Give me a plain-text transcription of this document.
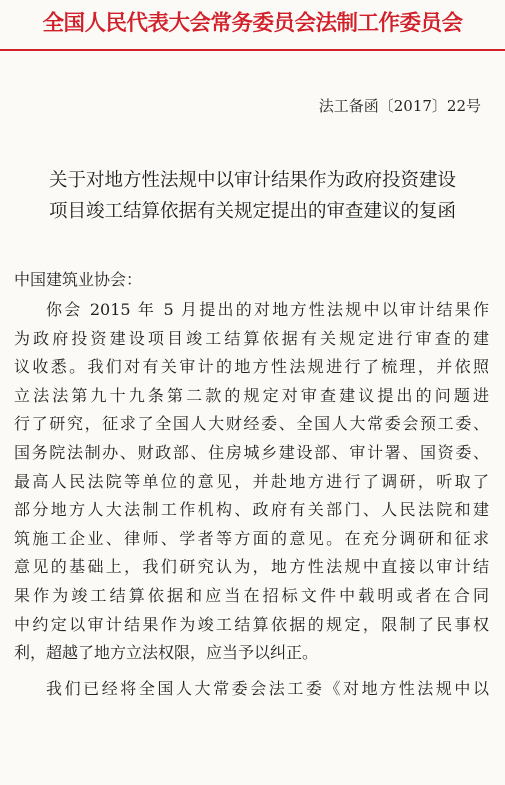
全国人民代表大会常务委员会法制工作委员会
法工备函〔2017〕22号
关于对地方性法规中以审计结果作为政府投资建设
项目竣工结算依据有关规定提出的审查建议的复函
中国建筑业协会：
你会 2015 年 5 月提出的对地方性法规中以审计结果作
为政府投资建设项目竣工结算依据有关规定进行审查的建
议收悉。我们对有关审计的地方性法规进行了梳理，并依照
立法法第九十九条第二款的规定对审查建议提出的问题进
行了研究，征求了全国人大财经委、全国人大常委会预工委、
国务院法制办、财政部、住房城乡建设部、审计署、国资委、
最高人民法院等单位的意见，并赴地方进行了调研，听取了
部分地方人大法制工作机构、政府有关部门、人民法院和建
筑施工企业、律师、学者等方面的意见。在充分调研和征求
意见的基础上，我们研究认为，地方性法规中直接以审计结
果作为竣工结算依据和应当在招标文件中载明或者在合同
中约定以审计结果作为竣工结算依据的规定，限制了民事权
利，超越了地方立法权限，应当予以纠正。
我们已经将全国人大常委会法工委《对地方性法规中以
